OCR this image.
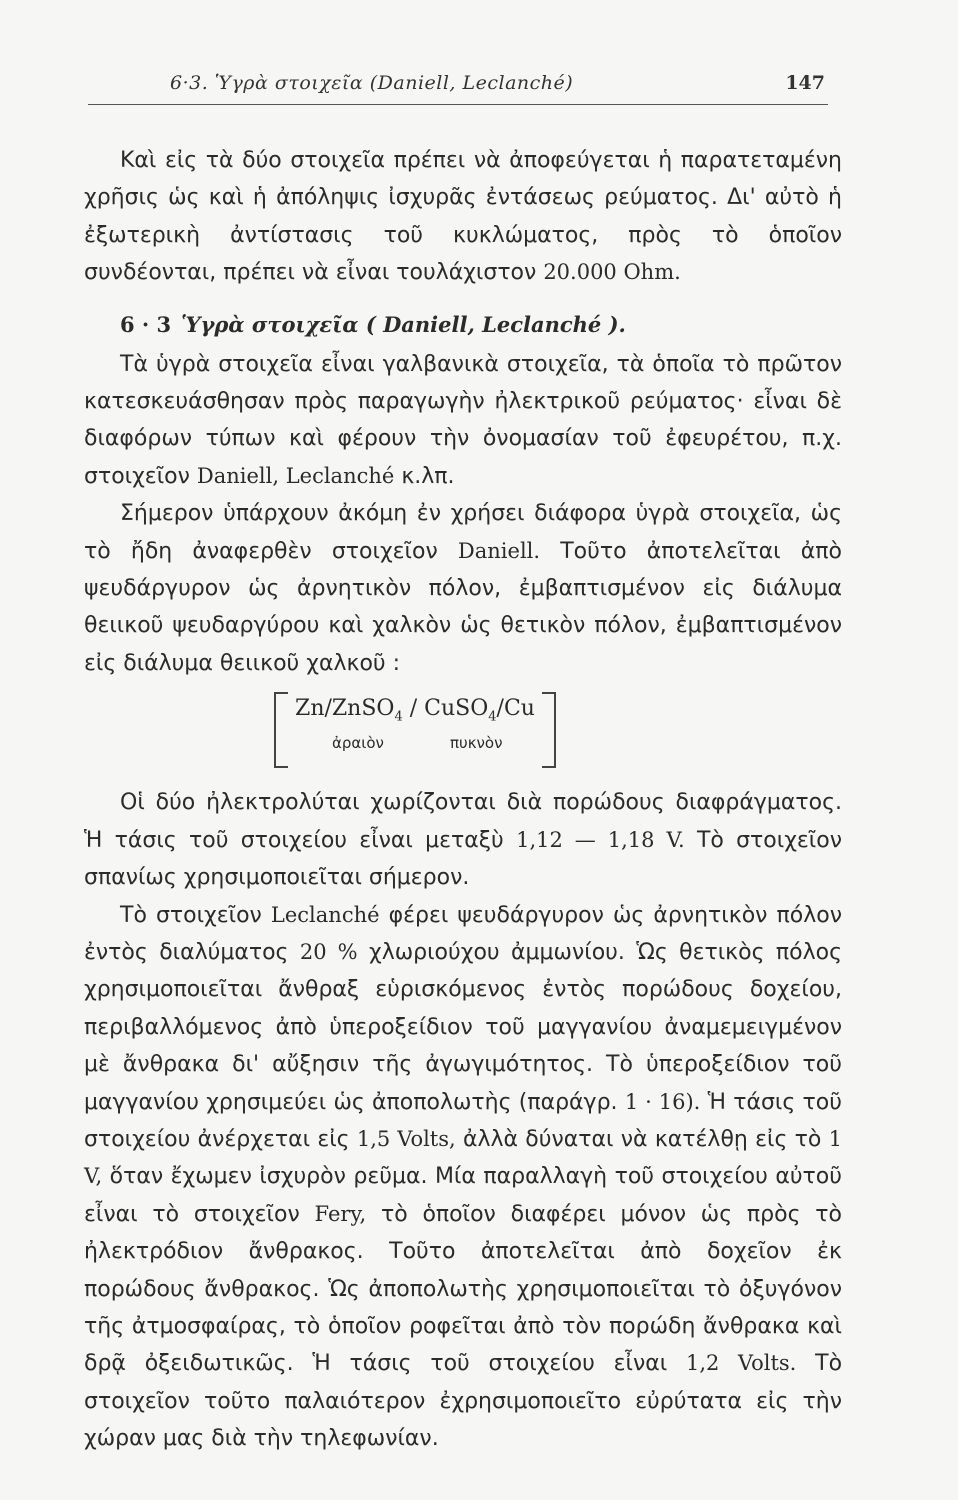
6·3. Ὑγρὰ στοιχεῖα (Daniell, Leclanché)	147

Καὶ εἰς τὰ δύο στοιχεῖα πρέπει νὰ ἀποφεύγεται ἡ παρατεταμένη χρῆσις ὡς καὶ ἡ ἀπόληψις ἰσχυρᾶς ἐντάσεως ρεύματος. Δι' αὐτὸ ἡ ἐξωτερικὴ ἀντίστασις τοῦ κυκλώματος, πρὸς τὸ ὁποῖον συνδέονται, πρέπει νὰ εἶναι τουλάχιστον 20.000 Ohm.

6 · 3 Ὑγρὰ στοιχεῖα ( Daniell, Leclanché ).

Τὰ ὑγρὰ στοιχεῖα εἶναι γαλβανικὰ στοιχεῖα, τὰ ὁποῖα τὸ πρῶτον κατεσκευάσθησαν πρὸς παραγωγὴν ἠλεκτρικοῦ ρεύματος· εἶναι δὲ διαφόρων τύπων καὶ φέρουν τὴν ὀνομασίαν τοῦ ἐφευρέτου, π.χ. στοιχεῖον Daniell, Leclanché κ.λπ.

Σήμερον ὑπάρχουν ἀκόμη ἐν χρήσει διάφορα ὑγρὰ στοιχεῖα, ὡς τὸ ἤδη ἀναφερθὲν στοιχεῖον Daniell. Τοῦτο ἀποτελεῖται ἀπὸ ψευδάργυρον ὡς ἀρνητικὸν πόλον, ἐμβαπτισμένον εἰς διάλυμα θειικοῦ ψευδαργύρου καὶ χαλκὸν ὡς θετικὸν πόλον, ἐμβαπτισμένον εἰς διάλυμα θειικοῦ χαλκοῦ :

Zn/ZnSO$_4$ / CuSO$_4$/Cu
ἀραιὸν	πυκνὸν

Οἱ δύο ἠλεκτρολύται χωρίζονται διὰ πορώδους διαφράγματος. Ἡ τάσις τοῦ στοιχείου εἶναι μεταξὺ 1,12 — 1,18 V. Τὸ στοιχεῖον σπανίως χρησιμοποιεῖται σήμερον.

Τὸ στοιχεῖον Leclanché φέρει ψευδάργυρον ὡς ἀρνητικὸν πόλον ἐντὸς διαλύματος 20 % χλωριούχου ἀμμωνίου. Ὡς θετικὸς πόλος χρησιμοποιεῖται ἄνθραξ εὑρισκόμενος ἐντὸς πορώδους δοχείου, περιβαλλόμενος ἀπὸ ὑπεροξείδιον τοῦ μαγγανίου ἀναμεμειγμένον μὲ ἄνθρακα δι' αὔξησιν τῆς ἀγωγιμότητος. Τὸ ὑπεροξείδιον τοῦ μαγγανίου χρησιμεύει ὡς ἀποπολωτὴς (παράγρ. 1 · 16). Ἡ τάσις τοῦ στοιχείου ἀνέρχεται εἰς 1,5 Volts, ἀλλὰ δύναται νὰ κατέλθῃ εἰς τὸ 1 V, ὅταν ἔχωμεν ἰσχυρὸν ρεῦμα. Μία παραλλαγὴ τοῦ στοιχείου αὐτοῦ εἶναι τὸ στοιχεῖον Fery, τὸ ὁποῖον διαφέρει μόνον ὡς πρὸς τὸ ἠλεκτρόδιον ἄνθρακος. Τοῦτο ἀποτελεῖται ἀπὸ δοχεῖον ἐκ πορώδους ἄνθρακος. Ὡς ἀποπολωτὴς χρησιμοποιεῖται τὸ ὀξυγόνον τῆς ἀτμοσφαίρας, τὸ ὁποῖον ροφεῖται ἀπὸ τὸν πορώδη ἄνθρακα καὶ δρᾷ ὀξειδωτικῶς. Ἡ τάσις τοῦ στοιχείου εἶναι 1,2 Volts. Τὸ στοιχεῖον τοῦτο παλαιότερον ἐχρησιμοποιεῖτο εὐρύτατα εἰς τὴν χώραν μας διὰ τὴν τηλεφωνίαν.
